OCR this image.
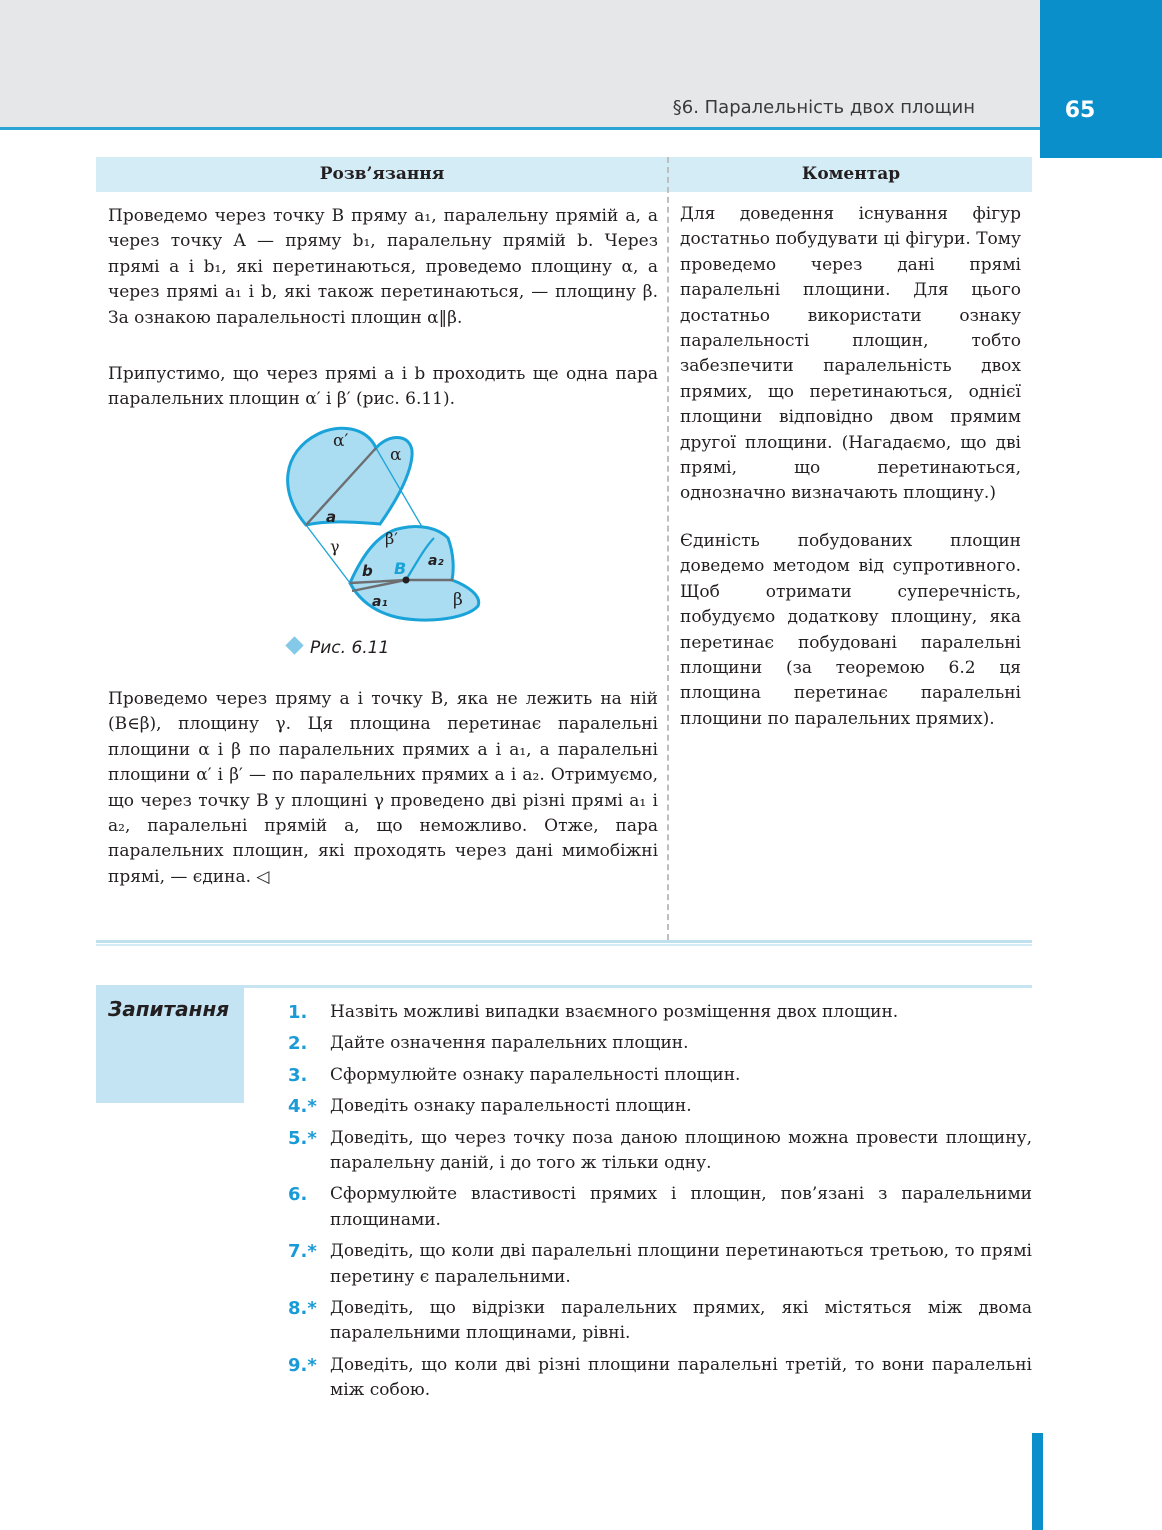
§6. Паралельність двох площин	65
Розв’язання	Коментар
Проведемо через точку B пряму a₁, паралельну прямій a, а через точку A — пряму b₁, паралельну прямій b. Через прямі a і b₁, які перетинаються, проведемо площину α, а через прямі a₁ і b, які також перетинаються, — площину β. За ознакою паралельності площин α‖β.
Припустимо, що через прямі a і b проходить ще одна пара паралельних площин α′ і β′ (рис. 6.11).
α′
α
a
γ	β′
a₂
b B
a₁	β
Рис. 6.11
Проведемо через пряму a і точку B, яка не лежить на ній (B∈β), площину γ. Ця площина перетинає паралельні площини α і β по паралельних прямих a і a₁, а паралельні площини α′ і β′ — по паралельних прямих a і a₂. Отримуємо, що через точку B у площині γ проведено дві різні прямі a₁ і a₂, паралельні прямій a, що неможливо. Отже, пара паралельних площин, які проходять через дані мимобіжні прямі, — єдина. ◁
Для доведення існування фігур достатньо побудувати ці фігури. Тому проведемо через дані прямі паралельні площини. Для цього достатньо використати ознаку паралельності площин, тобто забезпечити паралельність двох прямих, що перетинаються, однієї площини відповідно двом прямим другої площини. (Нагадаємо, що дві прямі, що перетинаються, однозначно визначають площину.)
Єдиність побудованих площин доведемо методом від супротивного. Щоб отримати суперечність, побудуємо додаткову площину, яка перетинає побудовані паралельні площини (за теоремою 6.2 ця площина перетинає паралельні площини по паралельних прямих).
Запитання	1. Назвіть можливі випадки взаємного розміщення двох площин.
2. Дайте означення паралельних площин.
3. Сформулюйте ознаку паралельності площин.
4.* Доведіть ознаку паралельності площин.
5.* Доведіть, що через точку поза даною площиною можна провести площину, паралельну даній, і до того ж тільки одну.
6. Сформулюйте властивості прямих і площин, пов’язані з паралельними площинами.
7.* Доведіть, що коли дві паралельні площини перетинаються третьою, то прямі перетину є паралельними.
8.* Доведіть, що відрізки паралельних прямих, які містяться між двома паралельними площинами, рівні.
9.* Доведіть, що коли дві різні площини паралельні третій, то вони паралельні між собою.
